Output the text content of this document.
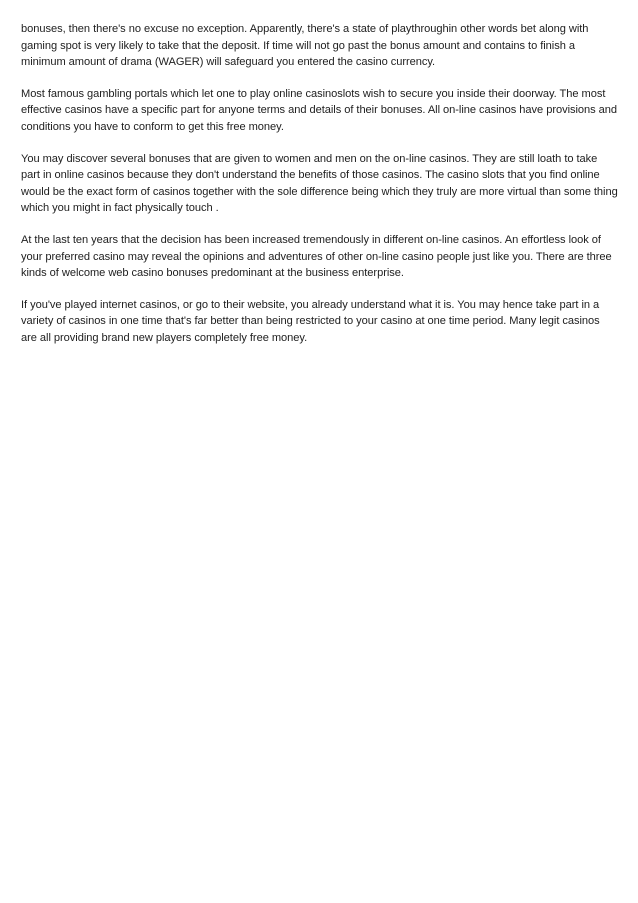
bonuses, then there's no excuse no exception. Apparently, there's a state of playthroughin other words bet along with gaming spot is very likely to take that the deposit. If time will not go past the bonus amount and contains to finish a minimum amount of drama (WAGER) will safeguard you entered the casino currency.

Most famous gambling portals which let one to play online casinoslots wish to secure you inside their doorway. The most effective casinos have a specific part for anyone terms and details of their bonuses. All on-line casinos have provisions and conditions you have to conform to get this free money.

You may discover several bonuses that are given to women and men on the on-line casinos. They are still loath to take part in online casinos because they don't understand the benefits of those casinos. The casino slots that you find online would be the exact form of casinos together with the sole difference being which they truly are more virtual than some thing which you might in fact physically touch .

At the last ten years that the decision has been increased tremendously in different on-line casinos. An effortless look of your preferred casino may reveal the opinions and adventures of other on-line casino people just like you. There are three kinds of welcome web casino bonuses predominant at the business enterprise.

If you've played internet casinos, or go to their website, you already understand what it is. You may hence take part in a variety of casinos in one time that's far better than being restricted to your casino at one time period. Many legit casinos are all providing brand new players completely free money.
